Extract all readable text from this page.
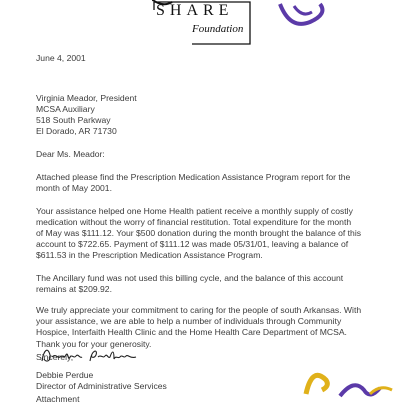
SHARE
Foundation
June 4, 2001
Virginia Meador, President
MCSA Auxiliary
518 South Parkway
El Dorado, AR 71730
Dear Ms. Meador:
Attached please find the Prescription Medication Assistance Program report for the
month of May 2001.
Your assistance helped one Home Health patient receive a monthly supply of costly
medication without the worry of financial restitution. Total expenditure for the month
of May was $111.12. Your $500 donation during the month brought the balance of this
account to $722.65. Payment of $111.12 was made 05/31/01, leaving a balance of
$611.53 in the Prescription Medication Assistance Program.
The Ancillary fund was not used this billing cycle, and the balance of this account
remains at $209.92.
We truly appreciate your commitment to caring for the people of south Arkansas. With
your assistance, we are able to help a number of individuals through Community
Hospice, Interfaith Health Clinic and the Home Health Care Department of MCSA.
Thank you for your generosity.
Sincerely,
Debbie Perdue
Director of Administrative Services
Attachment
